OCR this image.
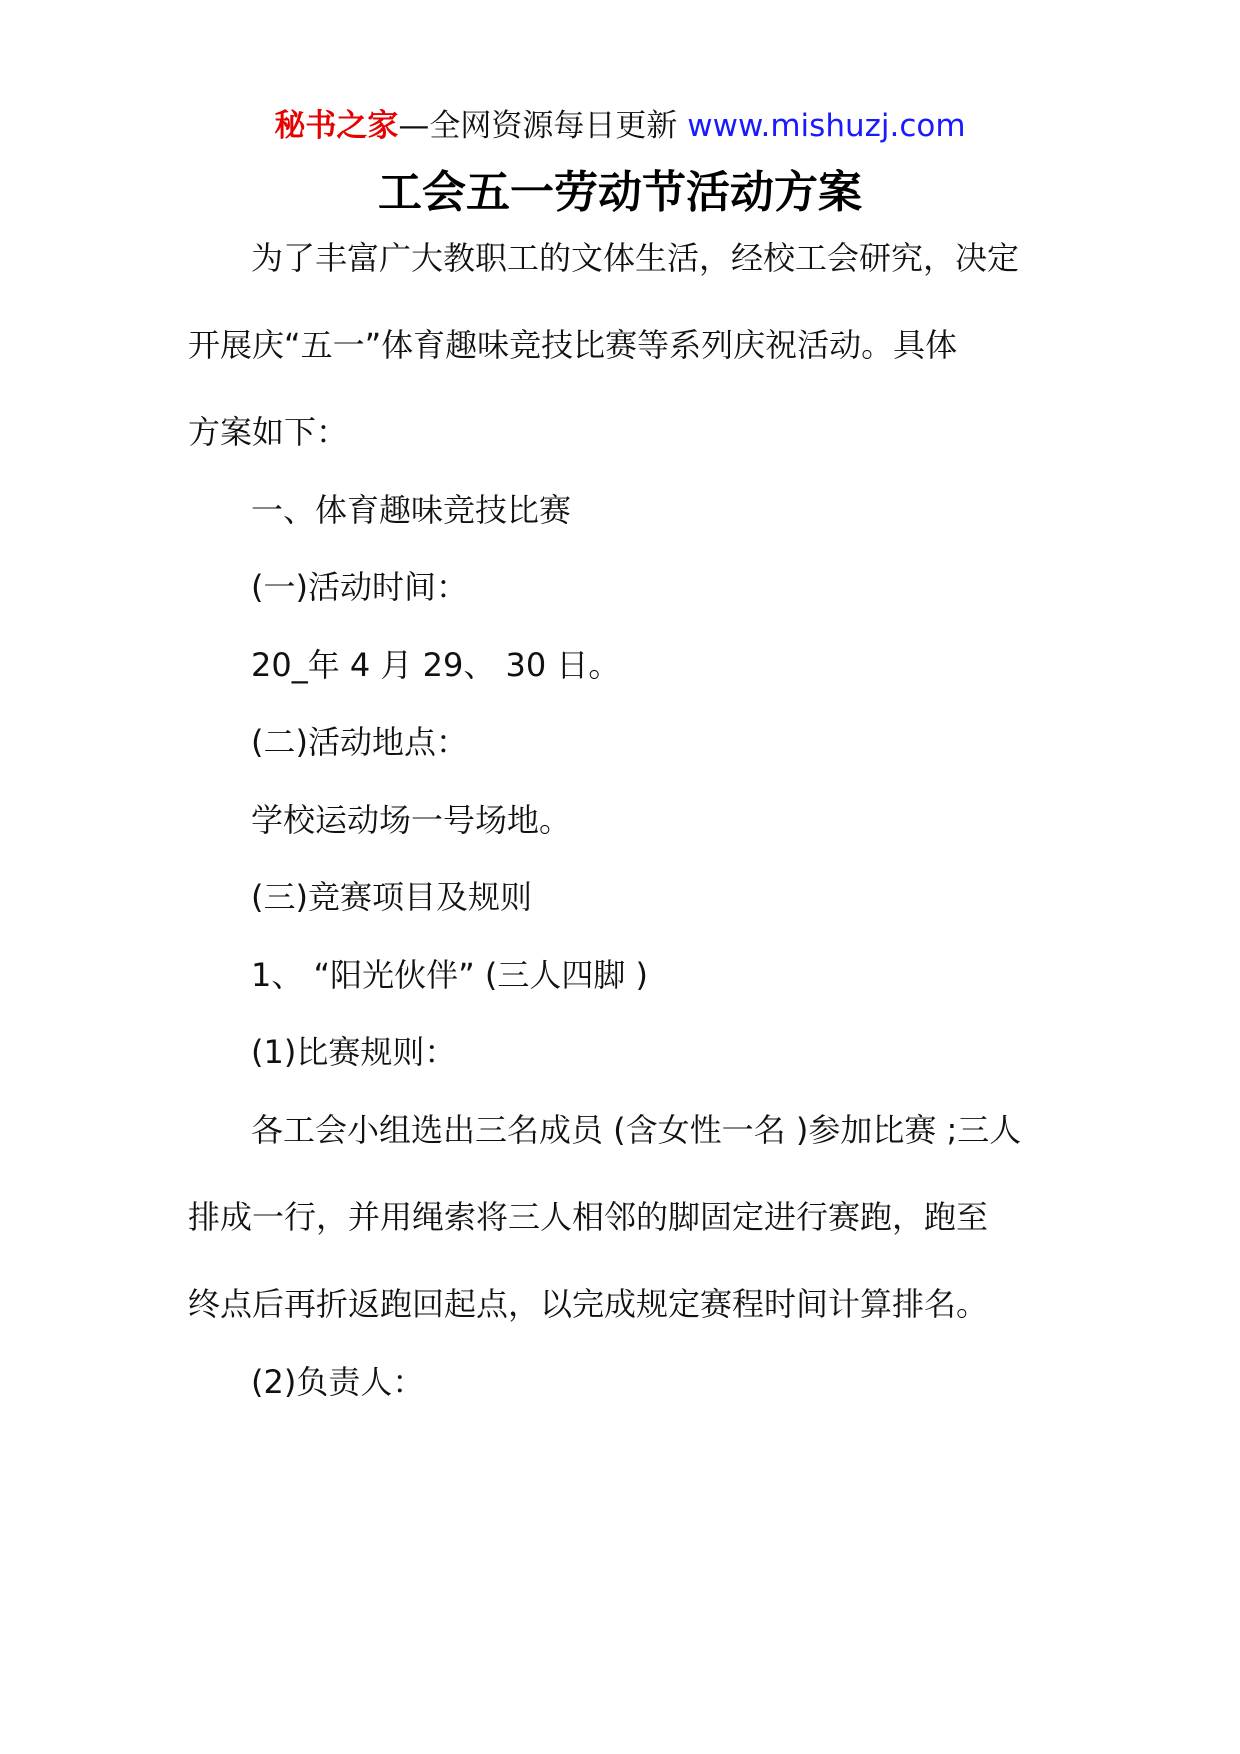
秘书之家—全网资源每日更新 www.mishuzj.com
工会五一劳动节活动方案
为了丰富广大教职工的文体生活，经校工会研究，决定
开展庆“五一”体育趣味竞技比赛等系列庆祝活动。具体
方案如下：
一、体育趣味竞技比赛
(一)活动时间：
20_年 4 月 29、 30 日。
(二)活动地点：
学校运动场一号场地。
(三)竞赛项目及规则
1、 “阳光伙伴” (三人四脚 )
(1)比赛规则：
各工会小组选出三名成员 (含女性一名 )参加比赛 ;三人
排成一行，并用绳索将三人相邻的脚固定进行赛跑，跑至
终点后再折返跑回起点，以完成规定赛程时间计算排名。
(2)负责人：
